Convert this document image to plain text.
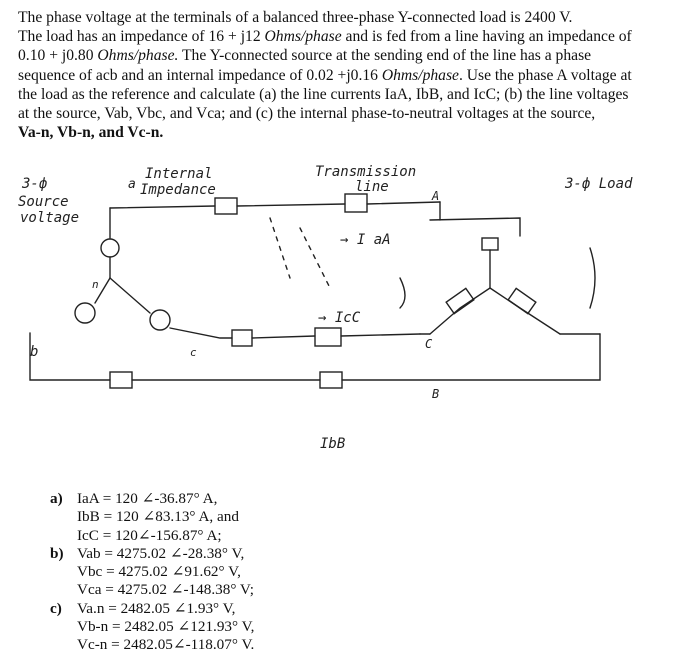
The phase voltage at the terminals of a balanced three-phase Y-connected load is 2400 V.
The load has an impedance of 16 + j12 Ohms/phase and is fed from a line having an impedance of
0.10 + j0.80 Ohms/phase. The Y-connected source at the sending end of the line has a phase
sequence of acb and an internal impedance of 0.02 +j0.16 Ohms/phase. Use the phase A voltage at
the load as the reference and calculate (a) the line currents IaA, IbB, and IcC; (b) the line voltages
at the source, Vab, Vbc, and Vca; and (c) the internal phase-to-neutral voltages at the source,
Va-n, Vb-n, and Vc-n.
3-ф
Source
voltage
Internal
Impedance
Transmission
line	3-ф Load
a
b
n
c
A
B
C
→ I aA
→ IcC
IbB
a) IaA = 120 ∠-36.87° A,
IbB = 120 ∠83.13° A, and
IcC = 120∠-156.87° A;
b) Vab = 4275.02 ∠-28.38° V,
Vbc = 4275.02 ∠91.62° V,
Vca = 4275.02 ∠-148.38° V;
c) Va.n = 2482.05 ∠1.93° V,
Vb-n = 2482.05 ∠121.93° V,
Vc-n = 2482.05∠-118.07° V.
